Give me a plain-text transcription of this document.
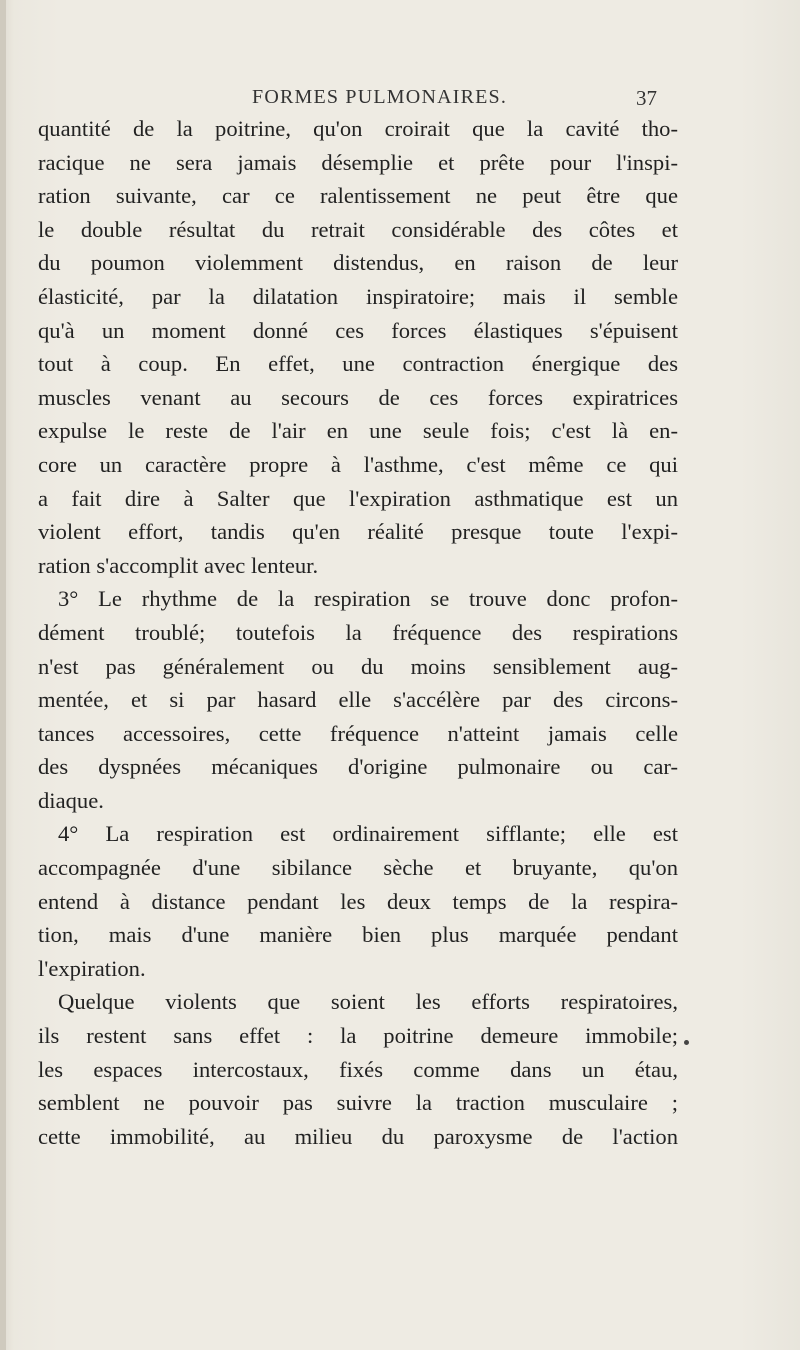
FORMES PULMONAIRES.	37
quantité de la poitrine, qu'on croirait que la cavité tho-
racique ne sera jamais désemplie et prête pour l'inspi-
ration suivante, car ce ralentissement ne peut être que
le double résultat du retrait considérable des côtes et
du poumon violemment distendus, en raison de leur
élasticité, par la dilatation inspiratoire; mais il semble
qu'à un moment donné ces forces élastiques s'épuisent
tout à coup. En effet, une contraction énergique des
muscles venant au secours de ces forces expiratrices
expulse le reste de l'air en une seule fois; c'est là en-
core un caractère propre à l'asthme, c'est même ce qui
a fait dire à Salter que l'expiration asthmatique est un
violent effort, tandis qu'en réalité presque toute l'expi-
ration s'accomplit avec lenteur.
3° Le rhythme de la respiration se trouve donc profon-
dément troublé; toutefois la fréquence des respirations
n'est pas généralement ou du moins sensiblement aug-
mentée, et si par hasard elle s'accélère par des circons-
tances accessoires, cette fréquence n'atteint jamais celle
des dyspnées mécaniques d'origine pulmonaire ou car-
diaque.
4° La respiration est ordinairement sifflante; elle est
accompagnée d'une sibilance sèche et bruyante, qu'on
entend à distance pendant les deux temps de la respira-
tion, mais d'une manière bien plus marquée pendant
l'expiration.
Quelque violents que soient les efforts respiratoires,
ils restent sans effet : la poitrine demeure immobile;
les espaces intercostaux, fixés comme dans un étau,
semblent ne pouvoir pas suivre la traction musculaire ;
cette immobilité, au milieu du paroxysme de l'action
